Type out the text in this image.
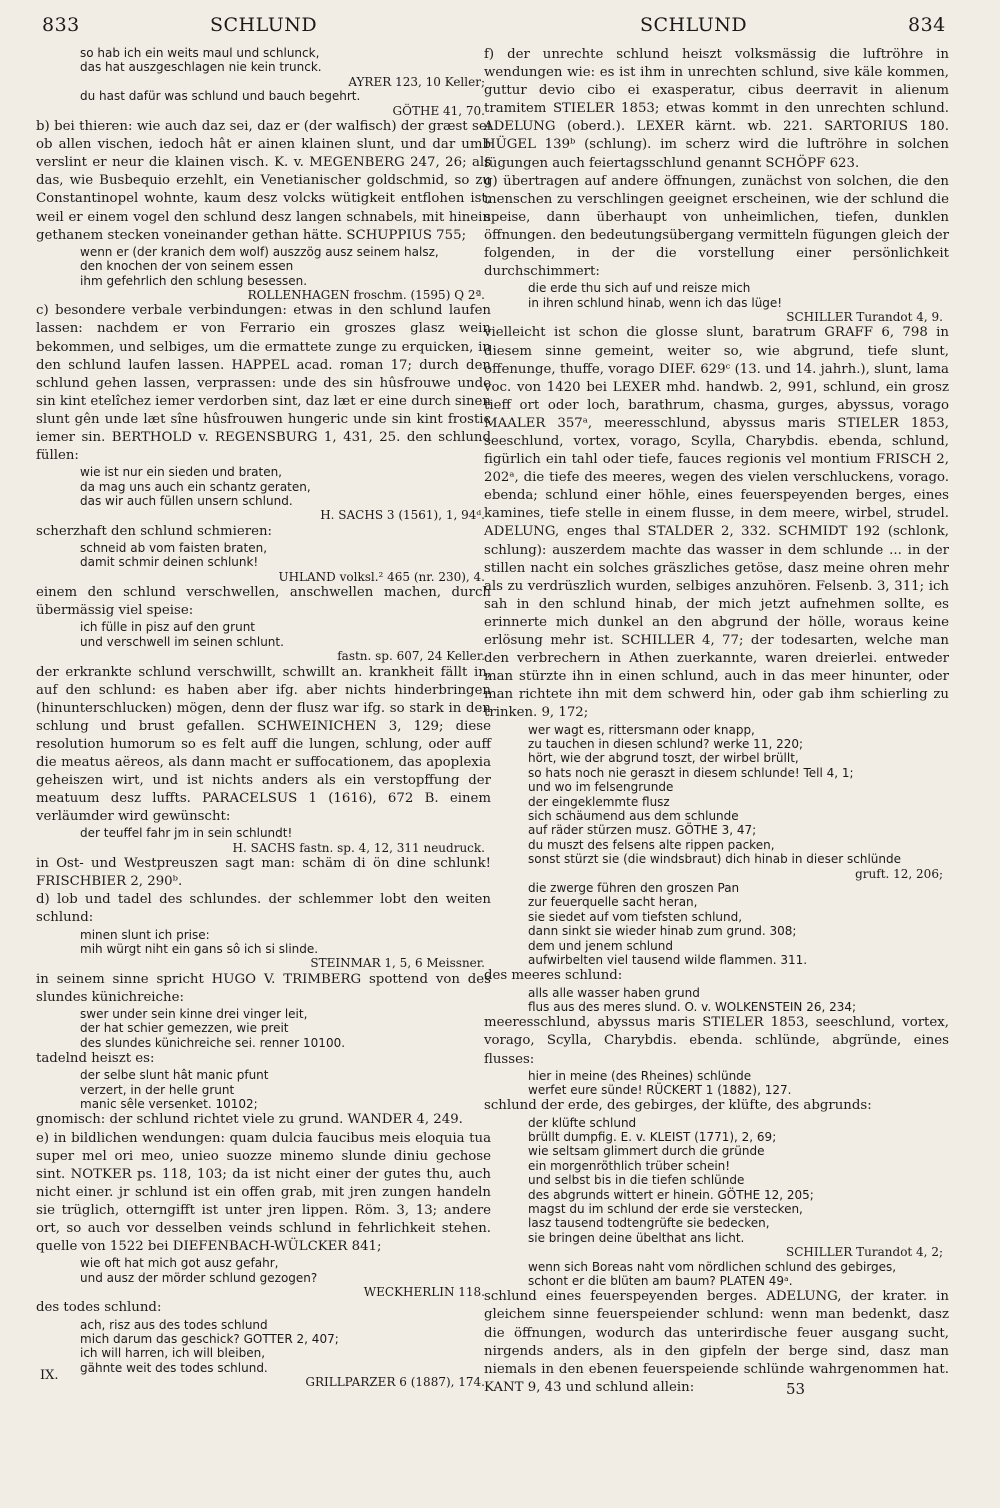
833	SCHLUND	SCHLUND	834
so hab ich ein weits maul und schlunck,
das hat auszgeschlagen nie kein trunck.
AYRER 123, 10 Keller;
du hast dafür was schlund und bauch begehrt.
GÖTHE 41, 70.

b) bei thieren: wie auch daz sei, daz er (der walfisch) der græst sei ob allen vischen, iedoch hât er ainen klainen slunt, und dar umb verslint er neur die klainen visch. K. v. MEGENBERG 247, 26; als das, wie Busbequio erzehlt, ein Venetianischer goldschmid, so zu Constantinopel wohnte, kaum desz volcks wütigkeit entflohen ist, weil er einem vogel den schlund desz langen schnabels, mit hinein gethanem stecken voneinander gethan hätte. SCHUPPIUS 755;

wenn er (der kranich dem wolf) auszzög ausz seinem halsz,
den knochen der von seinem essen
ihm gefehrlich den schlung besessen.
ROLLENHAGEN froschm. (1595) Q 2ª.

c) besondere verbale verbindungen: etwas in den schlund laufen lassen: nachdem er von Ferrario ein groszes glasz wein bekommen, und selbiges, um die ermattete zunge zu erquicken, in den schlund laufen lassen. HAPPEL acad. roman 17; durch den schlund gehen lassen, verprassen: unde des sin hûsfrouwe unde sin kint etelîchez iemer verdorben sint, daz læt er eine durch sinen slunt gên unde læt sîne hûsfrouwen hungeric unde sin kint frostic iemer sin. BERTHOLD v. REGENSBURG 1, 431, 25. den schlund füllen:

wie ist nur ein sieden und braten,
da mag uns auch ein schantz geraten,
das wir auch füllen unsern schlund.
H. SACHS 3 (1561), 1, 94ᵈ.

scherzhaft den schlund schmieren:

schneid ab vom faisten braten,
damit schmir deinen schlunk!
UHLAND volksl.² 465 (nr. 230), 4.

einem den schlund verschwellen, anschwellen machen, durch übermässig viel speise:

ich fülle in pisz auf den grunt
und verschwell im seinen schlunt.
fastn. sp. 607, 24 Keller.

der erkrankte schlund verschwillt, schwillt an. krankheit fällt in, auf den schlund: es haben aber ifg. aber nichts hinderbringen (hinunterschlucken) mögen, denn der flusz war ifg. so stark in den schlung und brust gefallen. SCHWEINICHEN 3, 129; diese resolution humorum so es felt auff die lungen, schlung, oder auff die meatus aëreos, als dann macht er suffocationem, das apoplexia geheiszen wirt, und ist nichts anders als ein verstopffung der meatuum desz luffts. PARACELSUS 1 (1616), 672 B. einem verläumder wird gewünscht:

der teuffel fahr jm in sein schlundt!
H. SACHS fastn. sp. 4, 12, 311 neudruck.

in Ost- und Westpreuszen sagt man: schäm di ön dine schlunk! FRISCHBIER 2, 290ᵇ.

d) lob und tadel des schlundes. der schlemmer lobt den weiten schlund:

minen slunt ich prise:
mih würgt niht ein gans sô ich si slinde.
STEINMAR 1, 5, 6 Meissner.

in seinem sinne spricht HUGO V. TRIMBERG spottend von des slundes künichreiche:

swer under sein kinne drei vinger leit,
der hat schier gemezzen, wie preit
des slundes künichreiche sei. renner 10100.

tadelnd heiszt es:

der selbe slunt hât manic pfunt
verzert, in der helle grunt
manic sêle versenket. 10102;

gnomisch: der schlund richtet viele zu grund. WANDER 4, 249.

e) in bildlichen wendungen: quam dulcia faucibus meis eloquia tua super mel ori meo, unieo suozze minemo slunde diniu gechose sint. NOTKER ps. 118, 103; da ist nicht einer der gutes thu, auch nicht einer. jr schlund ist ein offen grab, mit jren zungen handeln sie trüglich, otterngifft ist unter jren lippen. Röm. 3, 13; andere ort, so auch vor desselben veinds schlund in fehrlichkeit stehen. quelle von 1522 bei DIEFENBACH-WÜLCKER 841;

wie oft hat mich got ausz gefahr,
und ausz der mörder schlund gezogen?
WECKHERLIN 118.

des todes schlund:

ach, risz aus des todes schlund
mich darum das geschick? GOTTER 2, 407;
ich will harren, ich will bleiben,
gähnte weit des todes schlund.
GRILLPARZER 6 (1887), 174.

f) der unrechte schlund heiszt volksmässig die luftröhre in wendungen wie: es ist ihm in unrechten schlund, sive käle kommen, guttur devio cibo ei exasperatur, cibus deerravit in alienum tramitem STIELER 1853; etwas kommt in den unrechten schlund. ADELUNG (oberd.). LEXER kärnt. wb. 221. SARTORIUS 180. HÜGEL 139ᵇ (schlung). im scherz wird die luftröhre in solchen fügungen auch feiertagsschlund genannt SCHÖPF 623.

g) übertragen auf andere öffnungen, zunächst von solchen, die den menschen zu verschlingen geeignet erscheinen, wie der schlund die speise, dann überhaupt von unheimlichen, tiefen, dunklen öffnungen. den bedeutungsübergang vermitteln fügungen gleich der folgenden, in der die vorstellung einer persönlichkeit durchschimmert:

die erde thu sich auf und reisze mich
in ihren schlund hinab, wenn ich das lüge!
SCHILLER Turandot 4, 9.

vielleicht ist schon die glosse slunt, baratrum GRAFF 6, 798 in diesem sinne gemeint, weiter so, wie abgrund, tiefe slunt, offenunge, thuffe, vorago DIEF. 629ᶜ (13. und 14. jahrh.), slunt, lama voc. von 1420 bei LEXER mhd. handwb. 2, 991, schlund, ein grosz tieff ort oder loch, barathrum, chasma, gurges, abyssus, vorago MAALER 357ᵃ, meeresschlund, abyssus maris STIELER 1853, seeschlund, vortex, vorago, Scylla, Charybdis. ebenda, schlund, figürlich ein tahl oder tiefe, fauces regionis vel montium FRISCH 2, 202ᵃ, die tiefe des meeres, wegen des vielen verschluckens, vorago. ebenda; schlund einer höhle, eines feuerspeyenden berges, eines kamines, tiefe stelle in einem flusse, in dem meere, wirbel, strudel. ADELUNG, enges thal STALDER 2, 332. SCHMIDT 192 (schlonk, schlung): auszerdem machte das wasser in dem schlunde ... in der stillen nacht ein solches gräszliches getöse, dasz meine ohren mehr als zu verdrüszlich wurden, selbiges anzuhören. Felsenb. 3, 311; ich sah in den schlund hinab, der mich jetzt aufnehmen sollte, es erinnerte mich dunkel an den abgrund der hölle, woraus keine erlösung mehr ist. SCHILLER 4, 77; der todesarten, welche man den verbrechern in Athen zuerkannte, waren dreierlei. entweder man stürzte ihn in einen schlund, auch in das meer hinunter, oder man richtete ihn mit dem schwerd hin, oder gab ihm schierling zu trinken. 9, 172;

wer wagt es, rittersmann oder knapp,
zu tauchen in diesen schlund? werke 11, 220;
hört, wie der abgrund toszt, der wirbel brüllt,
so hats noch nie geraszt in diesem schlunde! Tell 4, 1;
und wo im felsengrunde
der eingeklemmte flusz
sich schäumend aus dem schlunde
auf räder stürzen musz. GÖTHE 3, 47;
du muszt des felsens alte rippen packen,
sonst stürzt sie (die windsbraut) dich hinab in dieser schlünde
gruft. 12, 206;
die zwerge führen den groszen Pan
zur feuerquelle sacht heran,
sie siedet auf vom tiefsten schlund,
dann sinkt sie wieder hinab zum grund. 308;
dem und jenem schlund
aufwirbelten viel tausend wilde flammen. 311.

des meeres schlund:

alls alle wasser haben grund
flus aus des meres slund. O. v. WOLKENSTEIN 26, 234;

meeresschlund, abyssus maris STIELER 1853, seeschlund, vortex, vorago, Scylla, Charybdis. ebenda. schlünde, abgründe, eines flusses:

hier in meine (des Rheines) schlünde
werfet eure sünde! RÜCKERT 1 (1882), 127.

schlund der erde, des gebirges, der klüfte, des abgrunds:

der klüfte schlund
brüllt dumpfig. E. v. KLEIST (1771), 2, 69;
wie seltsam glimmert durch die gründe
ein morgenröthlich trüber schein!
und selbst bis in die tiefen schlünde
des abgrunds wittert er hinein. GÖTHE 12, 205;
magst du im schlund der erde sie verstecken,
lasz tausend todtengrüfte sie bedecken,
sie bringen deine übelthat ans licht.
SCHILLER Turandot 4, 2;
wenn sich Boreas naht vom nördlichen schlund des gebirges,
schont er die blüten am baum? PLATEN 49ᵃ.

schlund eines feuerspeyenden berges. ADELUNG, der krater. in gleichem sinne feuerspeiender schlund: wenn man bedenkt, dasz die öffnungen, wodurch das unterirdische feuer ausgang sucht, nirgends anders, als in den gipfeln der berge sind, dasz man niemals in den ebenen feuerspeiende schlünde wahrgenommen hat. KANT 9, 43 und schlund allein:

IX.
53
